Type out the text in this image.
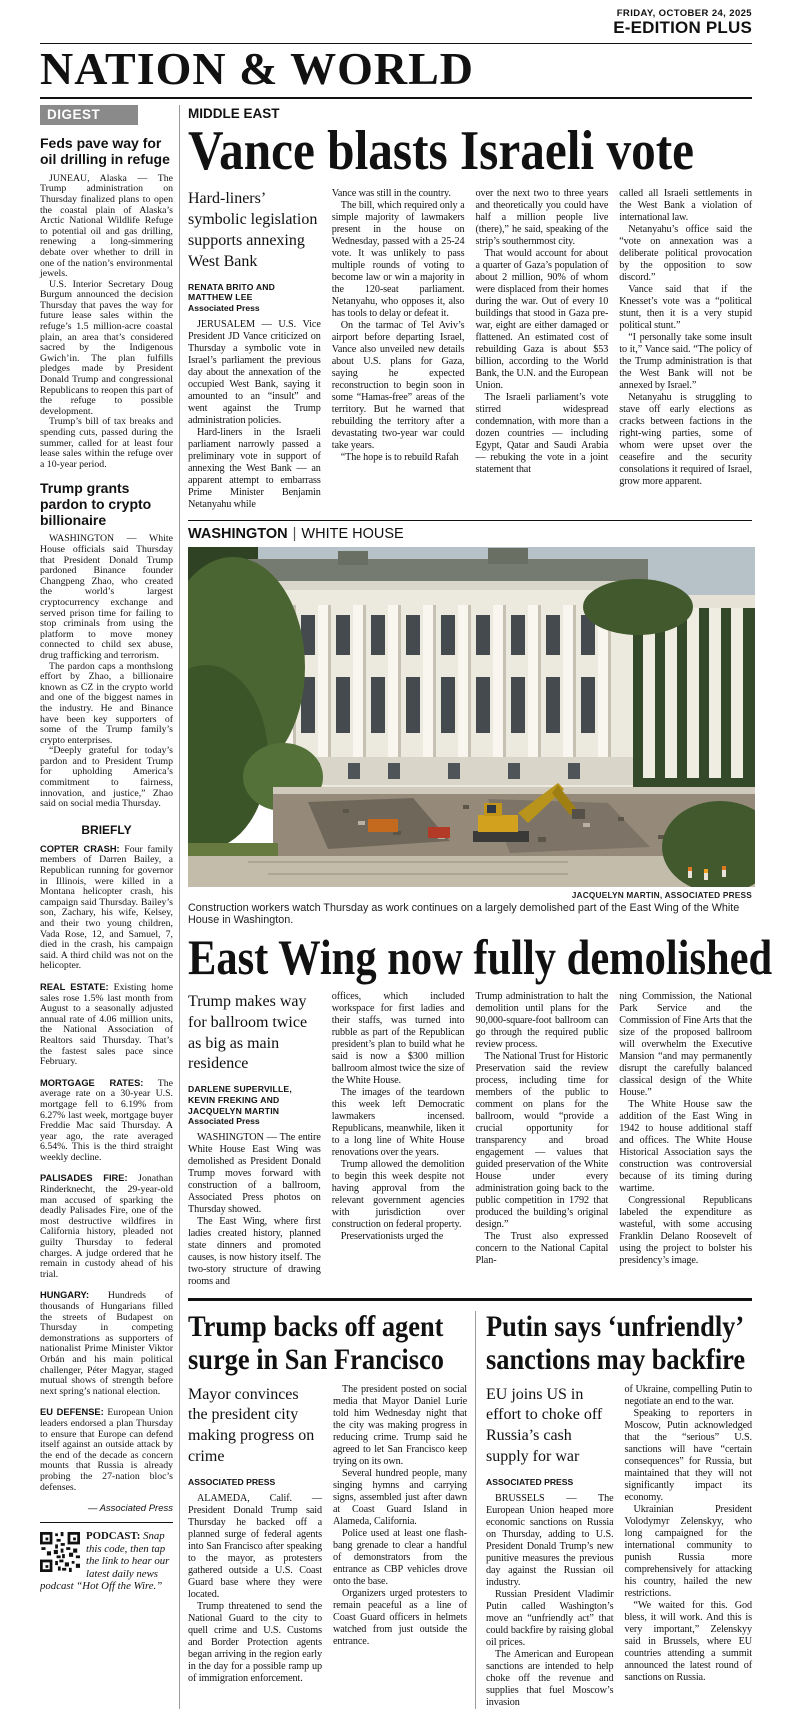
FRIDAY, OCTOBER 24, 2025
E-EDITION PLUS
NATION & WORLD
DIGEST
Feds pave way for oil drilling in refuge

JUNEAU, Alaska — The Trump administration on Thursday finalized plans to open the coastal plain of Alaska’s Arctic National Wildlife Refuge to potential oil and gas drilling, renewing a long-simmering debate over whether to drill in one of the nation’s environmental jewels.

U.S. Interior Secretary Doug Burgum announced the decision Thursday that paves the way for future lease sales within the refuge’s 1.5 million-acre coastal plain, an area that’s considered sacred by the Indigenous Gwich’in. The plan fulfills pledges made by President Donald Trump and congressional Republicans to reopen this part of the refuge to possible development.

Trump’s bill of tax breaks and spending cuts, passed during the summer, called for at least four lease sales within the refuge over a 10-year period.

Trump grants pardon to crypto billionaire

WASHINGTON — White House officials said Thursday that President Donald Trump pardoned Binance founder Changpeng Zhao, who created the world’s largest cryptocurrency exchange and served prison time for failing to stop criminals from using the platform to move money connected to child sex abuse, drug trafficking and terrorism.

The pardon caps a monthslong effort by Zhao, a billionaire known as CZ in the crypto world and one of the biggest names in the industry. He and Binance have been key supporters of some of the Trump family’s crypto enterprises.

“Deeply grateful for today’s pardon and to President Trump for upholding America’s commitment to fairness, innovation, and justice,” Zhao said on social media Thursday.

BRIEFLY

COPTER CRASH: Four family members of Darren Bailey, a Republican running for governor in Illinois, were killed in a Montana helicopter crash, his campaign said Thursday. Bailey’s son, Zachary, his wife, Kelsey, and their two young children, Vada Rose, 12, and Samuel, 7, died in the crash, his campaign said. A third child was not on the helicopter.

REAL ESTATE: Existing home sales rose 1.5% last month from August to a seasonally adjusted annual rate of 4.06 million units, the National Association of Realtors said Thursday. That’s the fastest sales pace since February.

MORTGAGE RATES: The average rate on a 30-year U.S. mortgage fell to 6.19% from 6.27% last week, mortgage buyer Freddie Mac said Thursday. A year ago, the rate averaged 6.54%. This is the third straight weekly decline.

PALISADES FIRE: Jonathan Rinderknecht, the 29-year-old man accused of sparking the deadly Palisades Fire, one of the most destructive wildfires in California history, pleaded not guilty Thursday to federal charges. A judge ordered that he remain in custody ahead of his trial.

HUNGARY: Hundreds of thousands of Hungarians filled the streets of Budapest on Thursday in competing demonstrations as supporters of nationalist Prime Minister Viktor Orbán and his main political challenger, Péter Magyar, staged mutual shows of strength before next spring’s national election.

EU DEFENSE: European Union leaders endorsed a plan Thursday to ensure that Europe can defend itself against an outside attack by the end of the decade as concern mounts that Russia is already probing the 27-nation bloc’s defenses.

— Associated Press

PODCAST: Snap this code, then tap the link to hear our latest daily news podcast “Hot Off the Wire.”

MIDDLE EAST
Vance blasts Israeli vote
Hard-liners’ symbolic legislation supports annexing West Bank
RENATA BRITO AND MATTHEW LEE
Associated Press

JERUSALEM — U.S. Vice President JD Vance criticized on Thursday a symbolic vote in Israel’s parliament the previous day about the annexation of the occupied West Bank, saying it amounted to an “insult” and went against the Trump administration policies.

Hard-liners in the Israeli parliament narrowly passed a preliminary vote in support of annexing the West Bank — an apparent attempt to embarrass Prime Minister Benjamin Netanyahu while

Vance was still in the country.

The bill, which required only a simple majority of lawmakers present in the house on Wednesday, passed with a 25-24 vote. It was unlikely to pass multiple rounds of voting to become law or win a majority in the 120-seat parliament. Netanyahu, who opposes it, also has tools to delay or defeat it.

On the tarmac of Tel Aviv’s airport before departing Israel, Vance also unveiled new details about U.S. plans for Gaza, saying he expected reconstruction to begin soon in some “Hamas-free” areas of the territory. But he warned that rebuilding the territory after a devastating two-year war could take years.

“The hope is to rebuild Rafah

over the next two to three years and theoretically you could have half a million people live (there),” he said, speaking of the strip’s southernmost city.

That would account for about a quarter of Gaza’s population of about 2 million, 90% of whom were displaced from their homes during the war. Out of every 10 buildings that stood in Gaza pre-war, eight are either damaged or flattened. An estimated cost of rebuilding Gaza is about $53 billion, according to the World Bank, the U.N. and the European Union.

The Israeli parliament’s vote stirred widespread condemnation, with more than a dozen countries — including Egypt, Qatar and Saudi Arabia — rebuking the vote in a joint statement that

called all Israeli settlements in the West Bank a violation of international law.

Netanyahu’s office said the “vote on annexation was a deliberate political provocation by the opposition to sow discord.”

Vance said that if the Knesset’s vote was a “political stunt, then it is a very stupid political stunt.”

“I personally take some insult to it,” Vance said. “The policy of the Trump administration is that the West Bank will not be annexed by Israel.”

Netanyahu is struggling to stave off early elections as cracks between factions in the right-wing parties, some of whom were upset over the ceasefire and the security consolations it required of Israel, grow more apparent.

WASHINGTON | WHITE HOUSE
JACQUELYN MARTIN, ASSOCIATED PRESS
Construction workers watch Thursday as work continues on a largely demolished part of the East Wing of the White House in Washington.
East Wing now fully demolished
Trump makes way for ballroom twice as big as main residence
DARLENE SUPERVILLE, KEVIN FREKING AND JACQUELYN MARTIN
Associated Press

WASHINGTON — The entire White House East Wing was demolished as President Donald Trump moves forward with construction of a ballroom, Associated Press photos on Thursday showed.

The East Wing, where first ladies created history, planned state dinners and promoted causes, is now history itself. The two-story structure of drawing rooms and

offices, which included workspace for first ladies and their staffs, was turned into rubble as part of the Republican president’s plan to build what he said is now a $300 million ballroom almost twice the size of the White House.

The images of the teardown this week left Democratic lawmakers incensed. Republicans, meanwhile, liken it to a long line of White House renovations over the years.

Trump allowed the demolition to begin this week despite not having approval from the relevant government agencies with jurisdiction over construction on federal property.

Preservationists urged the

Trump administration to halt the demolition until plans for the 90,000-square-foot ballroom can go through the required public review process.

The National Trust for Historic Preservation said the review process, including time for members of the public to comment on plans for the ballroom, would “provide a crucial opportunity for transparency and broad engagement — values that guided preservation of the White House under every administration going back to the public competition in 1792 that produced the building’s original design.”

The Trust also expressed concern to the National Capital Plan-

ning Commission, the National Park Service and the Commission of Fine Arts that the size of the proposed ballroom will overwhelm the Executive Mansion “and may permanently disrupt the carefully balanced classical design of the White House.”

The White House saw the addition of the East Wing in 1942 to house additional staff and offices. The White House Historical Association says the construction was controversial because of its timing during wartime.

Congressional Republicans labeled the expenditure as wasteful, with some accusing Franklin Delano Roosevelt of using the project to bolster his presidency’s image.

Trump backs off agent surge in San Francisco
Mayor convinces the president city making progress on crime
ASSOCIATED PRESS

ALAMEDA, Calif. — President Donald Trump said Thursday he backed off a planned surge of federal agents into San Francisco after speaking to the mayor, as protesters gathered outside a U.S. Coast Guard base where they were located.

Trump threatened to send the National Guard to the city to quell crime and U.S. Customs and Border Protection agents began arriving in the region early in the day for a possible ramp up of immigration enforcement.

The president posted on social media that Mayor Daniel Lurie told him Wednesday night that the city was making progress in reducing crime. Trump said he agreed to let San Francisco keep trying on its own.

Several hundred people, many singing hymns and carrying signs, assembled just after dawn at Coast Guard Island in Alameda, California.

Police used at least one flash-bang grenade to clear a handful of demonstrators from the entrance as CBP vehicles drove onto the base.

Organizers urged protesters to remain peaceful as a line of Coast Guard officers in helmets watched from just outside the entrance.

Putin says ‘unfriendly’ sanctions may backfire
EU joins US in effort to choke off Russia’s cash supply for war
ASSOCIATED PRESS

BRUSSELS — The European Union heaped more economic sanctions on Russia on Thursday, adding to U.S. President Donald Trump’s new punitive measures the previous day against the Russian oil industry.

Russian President Vladimir Putin called Washington’s move an “unfriendly act” that could backfire by raising global oil prices.

The American and European sanctions are intended to help choke off the revenue and supplies that fuel Moscow’s invasion

of Ukraine, compelling Putin to negotiate an end to the war.

Speaking to reporters in Moscow, Putin acknowledged that the “serious” U.S. sanctions will have “certain consequences” for Russia, but maintained that they will not significantly impact its economy.

Ukrainian President Volodymyr Zelenskyy, who long campaigned for the international community to punish Russia more comprehensively for attacking his country, hailed the new restrictions.

“We waited for this. God bless, it will work. And this is very important,” Zelenskyy said in Brussels, where EU countries attending a summit announced the latest round of sanctions on Russia.
